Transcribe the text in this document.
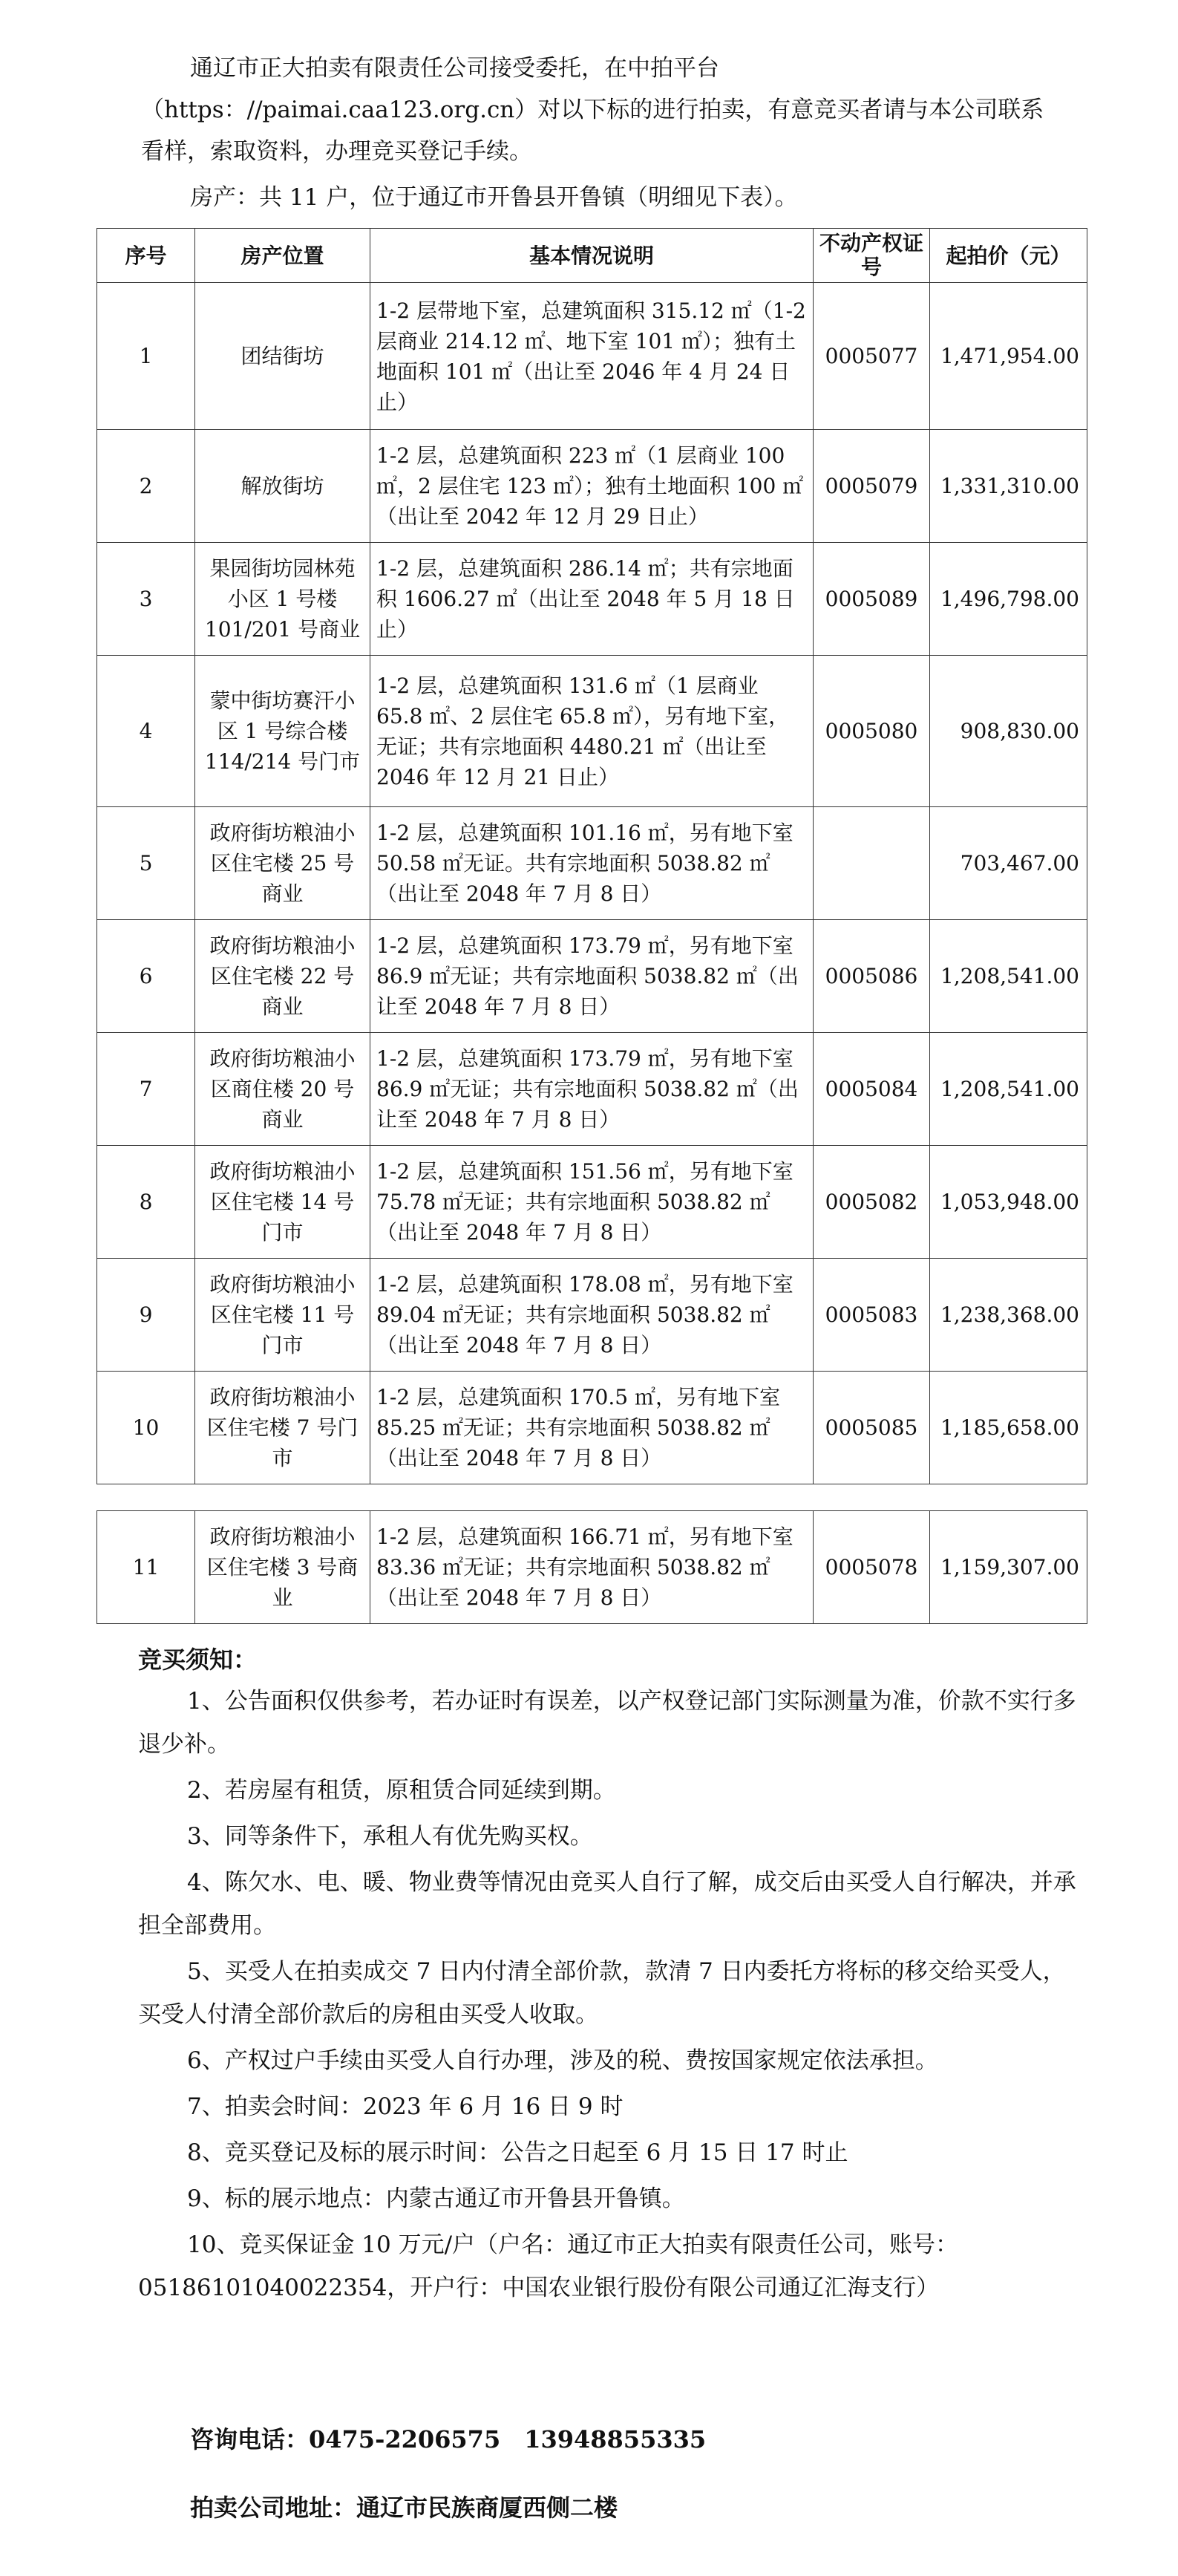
通辽市正大拍卖有限责任公司接受委托，在中拍平台（https：//paimai.caa123.org.cn）对以下标的进行拍卖，有意竞买者请与本公司联系看样，索取资料，办理竞买登记手续。

房产：共 11 户，位于通辽市开鲁县开鲁镇（明细见下表）。

序号	房产位置	基本情况说明	不动产权证号	起拍价（元）
1	团结街坊	1-2 层带地下室，总建筑面积 315.12 ㎡（1-2 层商业 214.12 ㎡、地下室 101 ㎡）；独有土地面积 101 ㎡（出让至 2046 年 4 月 24 日止）	0005077	1,471,954.00
2	解放街坊	1-2 层，总建筑面积 223 ㎡（1 层商业 100 ㎡，2 层住宅 123 ㎡）；独有土地面积 100 ㎡（出让至 2042 年 12 月 29 日止）	0005079	1,331,310.00
3	果园街坊园林苑小区 1 号楼 101/201 号商业	1-2 层，总建筑面积 286.14 ㎡；共有宗地面积 1606.27 ㎡（出让至 2048 年 5 月 18 日止）	0005089	1,496,798.00
4	蒙中街坊赛汗小区 1 号综合楼 114/214 号门市	1-2 层，总建筑面积 131.6 ㎡（1 层商业 65.8 ㎡、2 层住宅 65.8 ㎡），另有地下室，无证；共有宗地面积 4480.21 ㎡（出让至 2046 年 12 月 21 日止）	0005080	908,830.00
5	政府街坊粮油小区住宅楼 25 号商业	1-2 层，总建筑面积 101.16 ㎡，另有地下室 50.58 ㎡无证。共有宗地面积 5038.82 ㎡（出让至 2048 年 7 月 8 日）		703,467.00
6	政府街坊粮油小区住宅楼 22 号商业	1-2 层，总建筑面积 173.79 ㎡，另有地下室 86.9 ㎡无证；共有宗地面积 5038.82 ㎡（出让至 2048 年 7 月 8 日）	0005086	1,208,541.00
7	政府街坊粮油小区商住楼 20 号商业	1-2 层，总建筑面积 173.79 ㎡，另有地下室 86.9 ㎡无证；共有宗地面积 5038.82 ㎡（出让至 2048 年 7 月 8 日）	0005084	1,208,541.00
8	政府街坊粮油小区住宅楼 14 号门市	1-2 层，总建筑面积 151.56 ㎡，另有地下室 75.78 ㎡无证；共有宗地面积 5038.82 ㎡（出让至 2048 年 7 月 8 日）	0005082	1,053,948.00
9	政府街坊粮油小区住宅楼 11 号门市	1-2 层，总建筑面积 178.08 ㎡，另有地下室 89.04 ㎡无证；共有宗地面积 5038.82 ㎡（出让至 2048 年 7 月 8 日）	0005083	1,238,368.00
10	政府街坊粮油小区住宅楼 7 号门市	1-2 层，总建筑面积 170.5 ㎡，另有地下室 85.25 ㎡无证；共有宗地面积 5038.82 ㎡（出让至 2048 年 7 月 8 日）	0005085	1,185,658.00
11	政府街坊粮油小区住宅楼 3 号商业	1-2 层，总建筑面积 166.71 ㎡，另有地下室 83.36 ㎡无证；共有宗地面积 5038.82 ㎡（出让至 2048 年 7 月 8 日）	0005078	1,159,307.00

竞买须知：

1、公告面积仅供参考，若办证时有误差，以产权登记部门实际测量为准，价款不实行多退少补。
2、若房屋有租赁，原租赁合同延续到期。
3、同等条件下，承租人有优先购买权。
4、陈欠水、电、暖、物业费等情况由竞买人自行了解，成交后由买受人自行解决，并承担全部费用。
5、买受人在拍卖成交 7 日内付清全部价款，款清 7 日内委托方将标的移交给买受人，买受人付清全部价款后的房租由买受人收取。
6、产权过户手续由买受人自行办理，涉及的税、费按国家规定依法承担。
7、拍卖会时间：2023 年 6 月 16 日 9 时
8、竞买登记及标的展示时间：公告之日起至 6 月 15 日 17 时止
9、标的展示地点：内蒙古通辽市开鲁县开鲁镇。
10、竞买保证金 10 万元/户（户名：通辽市正大拍卖有限责任公司，账号：05186101040022354，开户行：中国农业银行股份有限公司通辽汇海支行）

咨询电话：0475-2206575　13948855335

拍卖公司地址：通辽市民族商厦西侧二楼
